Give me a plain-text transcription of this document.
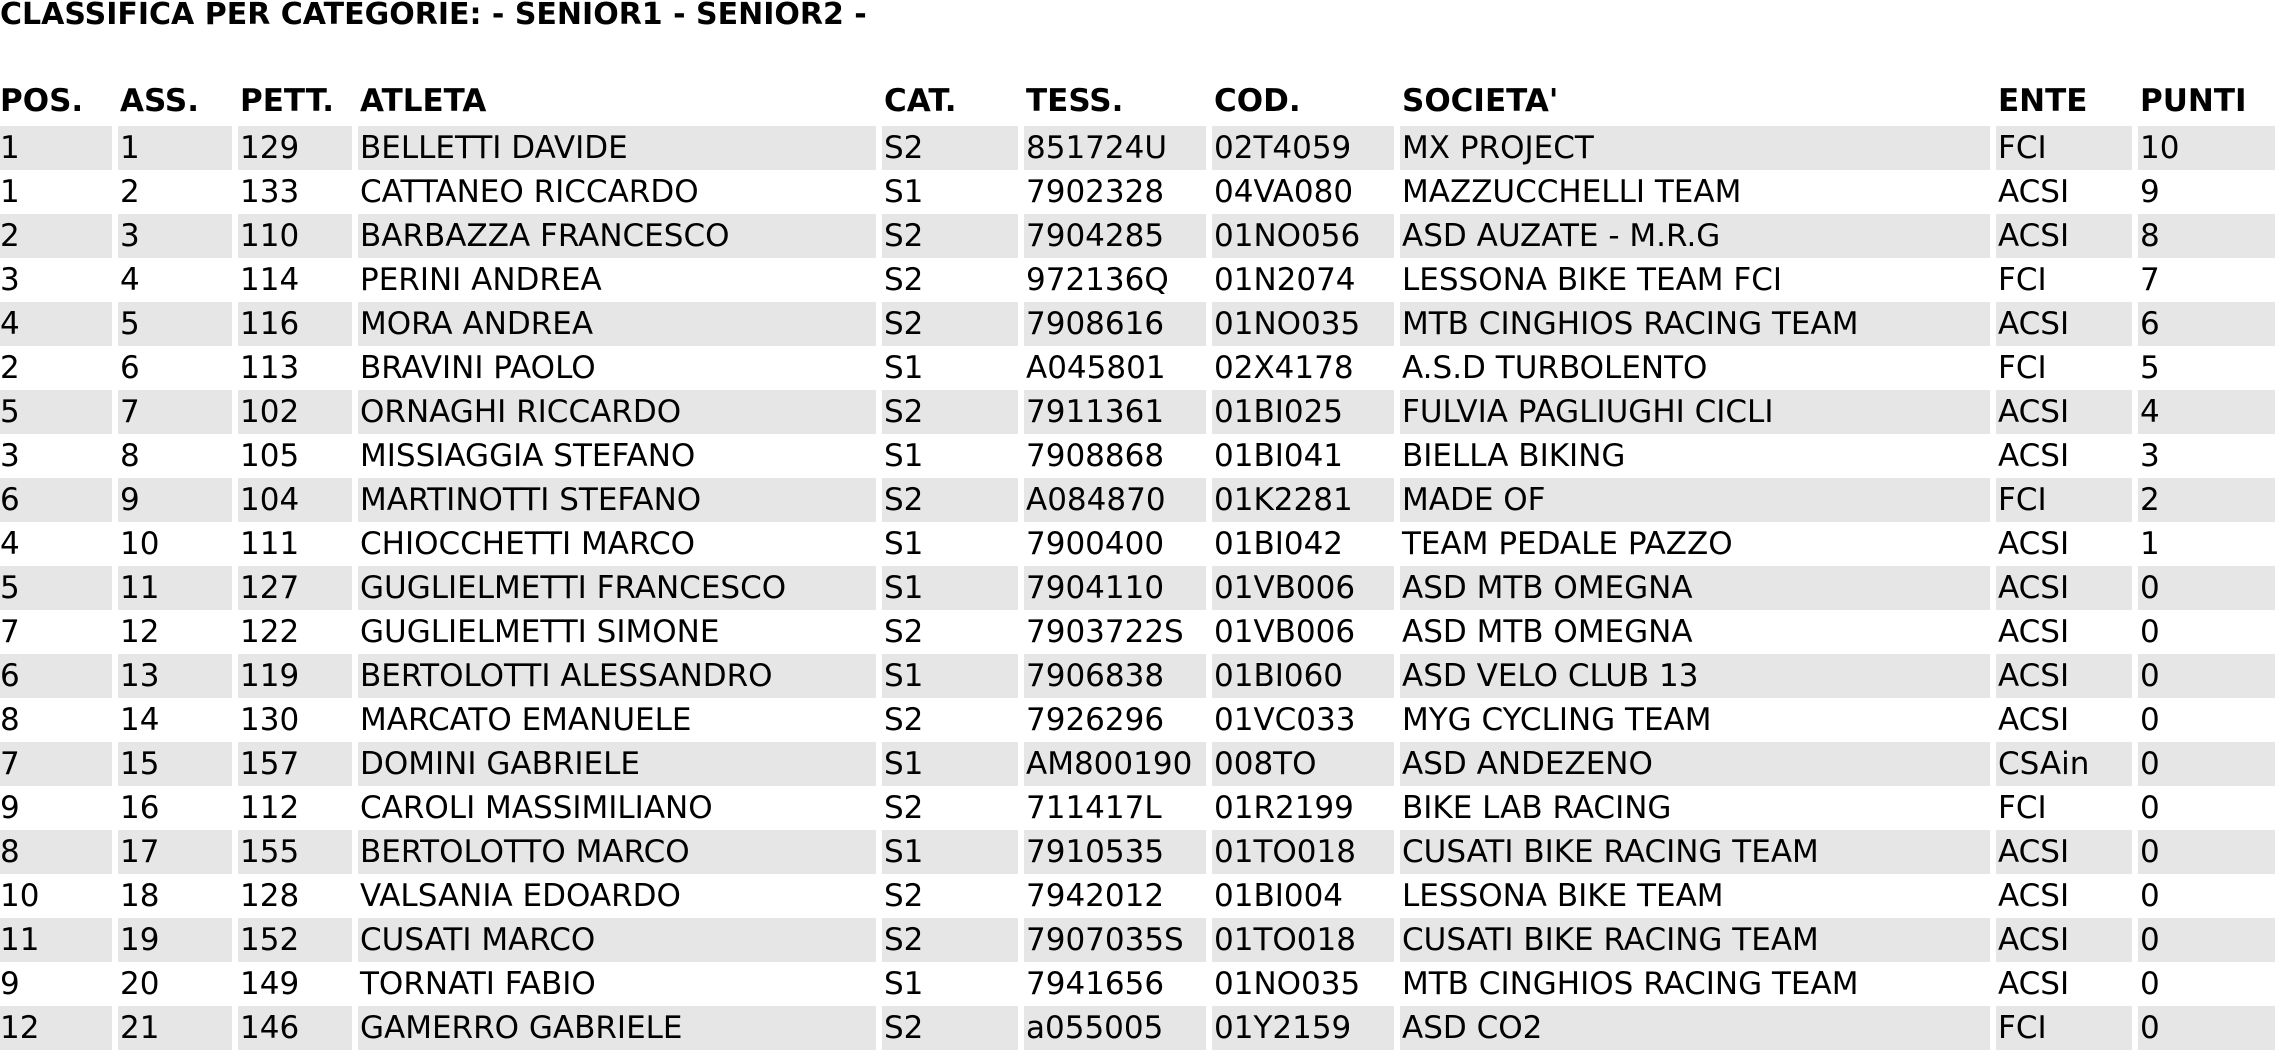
CLASSIFICA PER CATEGORIE: - SENIOR1 - SENIOR2 -
POS.	ASS.	PETT.	ATLETA	CAT.	TESS.	COD.	SOCIETA'	ENTE	PUNTI
1	1	129	BELLETTI DAVIDE	S2	851724U	02T4059	MX PROJECT	FCI	10
1	2	133	CATTANEO RICCARDO	S1	7902328	04VA080	MAZZUCCHELLI TEAM	ACSI	9
2	3	110	BARBAZZA FRANCESCO	S2	7904285	01NO056	ASD AUZATE - M.R.G	ACSI	8
3	4	114	PERINI ANDREA	S2	972136Q	01N2074	LESSONA BIKE TEAM FCI	FCI	7
4	5	116	MORA ANDREA	S2	7908616	01NO035	MTB CINGHIOS RACING TEAM	ACSI	6
2	6	113	BRAVINI PAOLO	S1	A045801	02X4178	A.S.D TURBOLENTO	FCI	5
5	7	102	ORNAGHI RICCARDO	S2	7911361	01BI025	FULVIA PAGLIUGHI CICLI	ACSI	4
3	8	105	MISSIAGGIA STEFANO	S1	7908868	01BI041	BIELLA BIKING	ACSI	3
6	9	104	MARTINOTTI STEFANO	S2	A084870	01K2281	MADE OF	FCI	2
4	10	111	CHIOCCHETTI MARCO	S1	7900400	01BI042	TEAM PEDALE PAZZO	ACSI	1
5	11	127	GUGLIELMETTI FRANCESCO	S1	7904110	01VB006	ASD MTB OMEGNA	ACSI	0
7	12	122	GUGLIELMETTI SIMONE	S2	7903722S	01VB006	ASD MTB OMEGNA	ACSI	0
6	13	119	BERTOLOTTI ALESSANDRO	S1	7906838	01BI060	ASD VELO CLUB 13	ACSI	0
8	14	130	MARCATO EMANUELE	S2	7926296	01VC033	MYG CYCLING TEAM	ACSI	0
7	15	157	DOMINI GABRIELE	S1	AM800190	008TO	ASD ANDEZENO	CSAin	0
9	16	112	CAROLI MASSIMILIANO	S2	711417L	01R2199	BIKE LAB RACING	FCI	0
8	17	155	BERTOLOTTO MARCO	S1	7910535	01TO018	CUSATI BIKE RACING TEAM	ACSI	0
10	18	128	VALSANIA EDOARDO	S2	7942012	01BI004	LESSONA BIKE TEAM	ACSI	0
11	19	152	CUSATI MARCO	S2	7907035S	01TO018	CUSATI BIKE RACING TEAM	ACSI	0
9	20	149	TORNATI FABIO	S1	7941656	01NO035	MTB CINGHIOS RACING TEAM	ACSI	0
12	21	146	GAMERRO GABRIELE	S2	a055005	01Y2159	ASD CO2	FCI	0
